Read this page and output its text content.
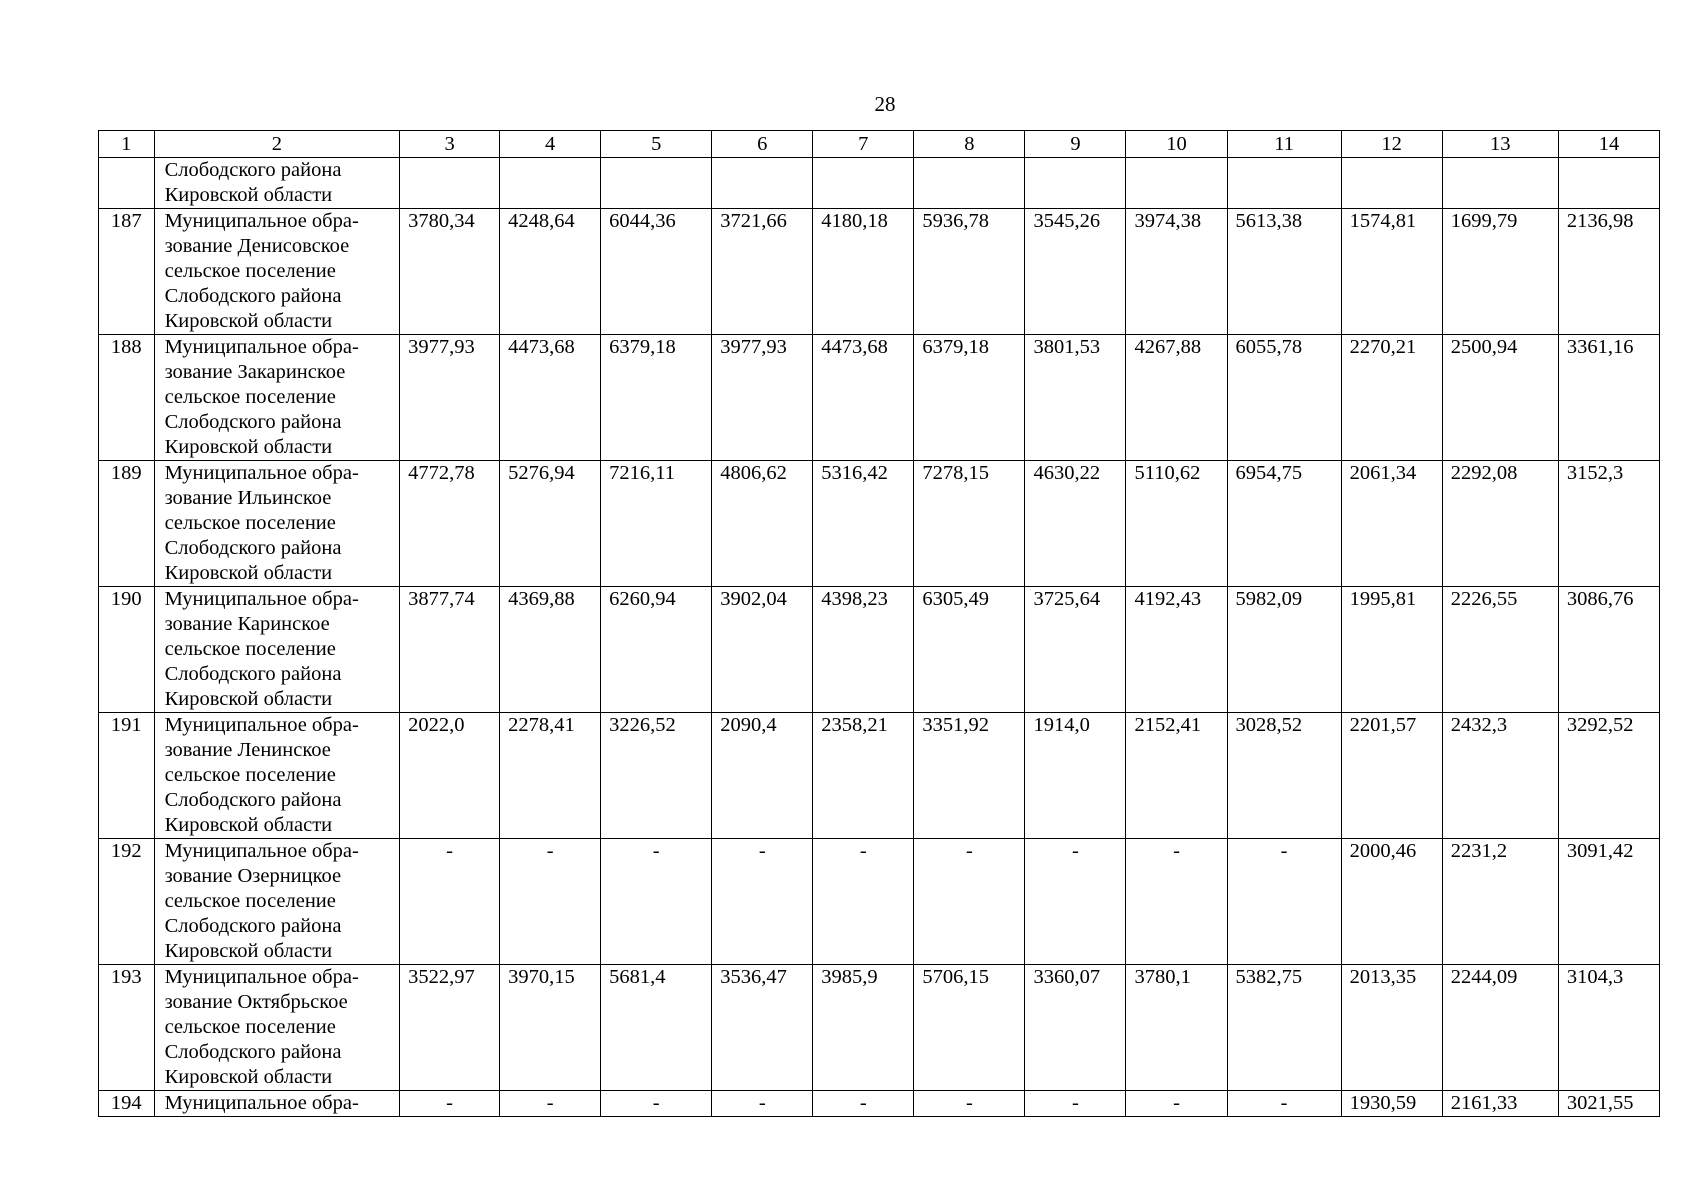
28
1	2	3	4	5	6	7	8	9	10	11	12	13	14

	Слободского района
Кировской области												

187	Муниципальное обра-
зование Денисовское
сельское поселение
Слободского района
Кировской области	3780,34	4248,64	6044,36	3721,66	4180,18	5936,78	3545,26	3974,38	5613,38	1574,81	1699,79	2136,98
188	Муниципальное обра-
зование Закаринское
сельское поселение
Слободского района
Кировской области	3977,93	4473,68	6379,18	3977,93	4473,68	6379,18	3801,53	4267,88	6055,78	2270,21	2500,94	3361,16
189	Муниципальное обра-
зование Ильинское
сельское поселение
Слободского района
Кировской области	4772,78	5276,94	7216,11	4806,62	5316,42	7278,15	4630,22	5110,62	6954,75	2061,34	2292,08	3152,3
190	Муниципальное обра-
зование Каринское
сельское поселение
Слободского района
Кировской области	3877,74	4369,88	6260,94	3902,04	4398,23	6305,49	3725,64	4192,43	5982,09	1995,81	2226,55	3086,76
191	Муниципальное обра-
зование Ленинское
сельское поселение
Слободского района
Кировской области	2022,0	2278,41	3226,52	2090,4	2358,21	3351,92	1914,0	2152,41	3028,52	2201,57	2432,3	3292,52
192	Муниципальное обра-
зование Озерницкое
сельское поселение
Слободского района
Кировской области	-	-	-	-	-	-	-	-	-	2000,46	2231,2	3091,42
193	Муниципальное обра-
зование Октябрьское
сельское поселение
Слободского района
Кировской области	3522,97	3970,15	5681,4	3536,47	3985,9	5706,15	3360,07	3780,1	5382,75	2013,35	2244,09	3104,3
194	Муниципальное обра-	-	-	-	-	-	-	-	-	-	1930,59	2161,33	3021,55
